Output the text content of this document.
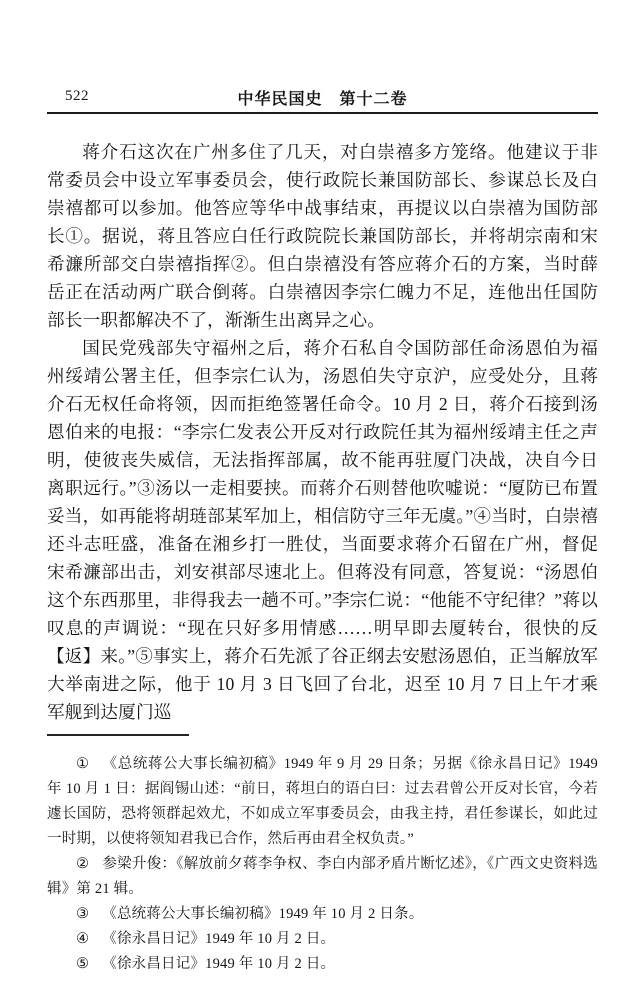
522	中华民国史　第十二卷

蒋介石这次在广州多住了几天，对白崇禧多方笼络。他建议于非常委员会中设立军事委员会，使行政院长兼国防部长、参谋总长及白崇禧都可以参加。他答应等华中战事结束，再提议以白崇禧为国防部长①。据说，蒋且答应白任行政院院长兼国防部长，并将胡宗南和宋希濂所部交白崇禧指挥②。但白崇禧没有答应蒋介石的方案，当时薛岳正在活动两广联合倒蒋。白崇禧因李宗仁魄力不足，连他出任国防部长一职都解决不了，渐渐生出离异之心。

国民党残部失守福州之后，蒋介石私自令国防部任命汤恩伯为福州绥靖公署主任，但李宗仁认为，汤恩伯失守京沪，应受处分，且蒋介石无权任命将领，因而拒绝签署任命令。10 月 2 日，蒋介石接到汤恩伯来的电报：“李宗仁发表公开反对行政院任其为福州绥靖主任之声明，使彼丧失威信，无法指挥部属，故不能再驻厦门决战，决自今日离职远行。”③汤以一走相要挟。而蒋介石则替他吹嘘说：“厦防已布置妥当，如再能将胡琏部某军加上，相信防守三年无虞。”④当时，白崇禧还斗志旺盛，准备在湘乡打一胜仗，当面要求蒋介石留在广州，督促宋希濂部出击，刘安祺部尽速北上。但蒋没有同意，答复说：“汤恩伯这个东西那里，非得我去一趟不可。”李宗仁说：“他能不守纪律？”蒋以叹息的声调说：“现在只好多用情感……明早即去厦转台，很快的反【返】来。”⑤事实上，蒋介石先派了谷正纲去安慰汤恩伯，正当解放军大举南进之际，他于 10 月 3 日飞回了台北，迟至 10 月 7 日上午才乘军舰到达厦门巡

① 《总统蒋公大事长编初稿》1949 年 9 月 29 日条；另据《徐永昌日记》1949 年 10 月 1 日：据阎锡山述：“前日，蒋坦白的语白曰：过去君曾公开反对长官，今若遽长国防，恐将领群起效尤，不如成立军事委员会，由我主持，君任参谋长，如此过一时期，以使将领知君我已合作，然后再由君全权负责。”

② 参梁升俊：《解放前夕蒋李争权、李白内部矛盾片断忆述》，《广西文史资料选辑》第 21 辑。

③ 《总统蒋公大事长编初稿》1949 年 10 月 2 日条。

④ 《徐永昌日记》1949 年 10 月 2 日。

⑤ 《徐永昌日记》1949 年 10 月 2 日。
